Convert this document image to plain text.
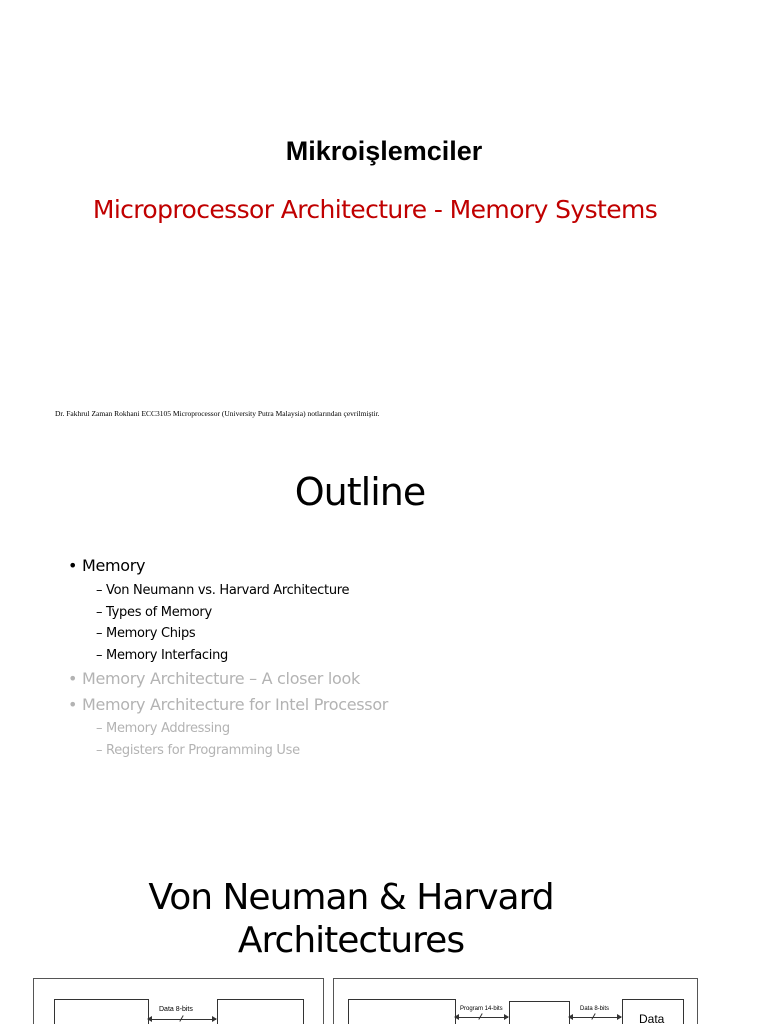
Mikroişlemciler
Microprocessor Architecture - Memory Systems
Dr. Fakhrul Zaman Rokhani ECC3105 Microprocessor (University Putra Malaysia) notlarından çevrilmiştir.
Outline
• Memory
– Von Neumann vs. Harvard Architecture
– Types of Memory
– Memory Chips
– Memory Interfacing
• Memory Architecture – A closer look
• Memory Architecture for Intel Processor
– Memory Addressing
– Registers for Programming Use
Von Neuman & Harvard
Architectures
Data 8-bits
Data
Program 14-bits	Data 8-bits
